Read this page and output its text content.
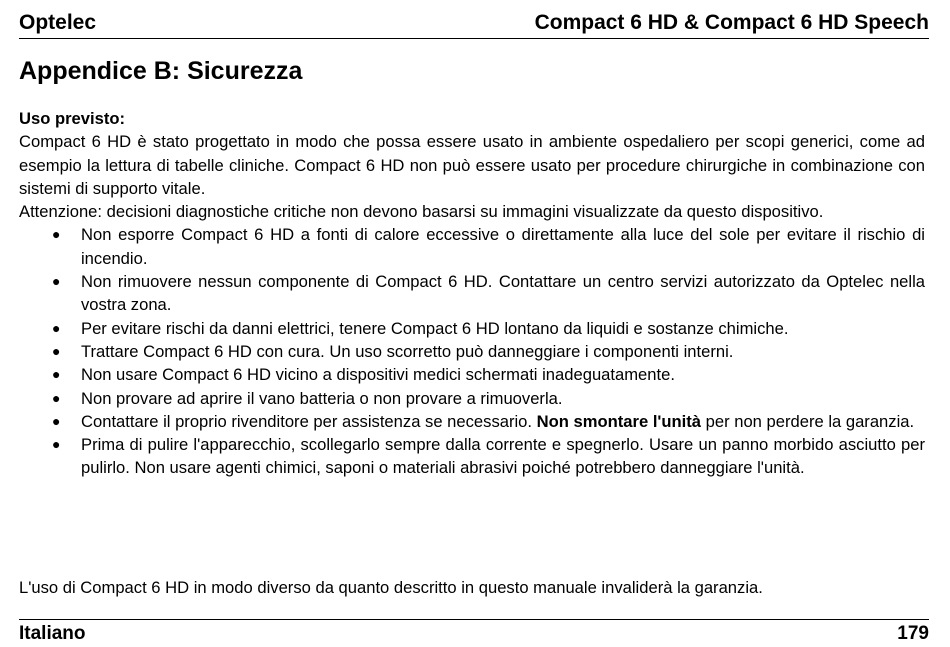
Optelec	Compact 6 HD & Compact 6 HD Speech
Appendice B: Sicurezza

Uso previsto:

Compact 6 HD è stato progettato in modo che possa essere usato in ambiente ospedaliero per scopi generici, come ad esempio la lettura di tabelle cliniche. Compact 6 HD non può essere usato per procedure chirurgiche in combinazione con sistemi di supporto vitale.

Attenzione: decisioni diagnostiche critiche non devono basarsi su immagini visualizzate da questo dispositivo.

● Non esporre Compact 6 HD a fonti di calore eccessive o direttamente alla luce del sole per evitare il rischio di incendio.
● Non rimuovere nessun componente di Compact 6 HD. Contattare un centro servizi autorizzato da Optelec nella vostra zona.
● Per evitare rischi da danni elettrici, tenere Compact 6 HD lontano da liquidi e sostanze chimiche.
● Trattare Compact 6 HD con cura. Un uso scorretto può danneggiare i componenti interni.
● Non usare Compact 6 HD vicino a dispositivi medici schermati inadeguatamente.
● Non provare ad aprire il vano batteria o non provare a rimuoverla.
● Contattare il proprio rivenditore per assistenza se necessario. Non smontare l'unità per non perdere la garanzia.
● Prima di pulire l'apparecchio, scollegarlo sempre dalla corrente e spegnerlo. Usare un panno morbido asciutto per pulirlo. Non usare agenti chimici, saponi o materiali abrasivi poiché potrebbero danneggiare l'unità.

L'uso di Compact 6 HD in modo diverso da quanto descritto in questo manuale invaliderà la garanzia.

Italiano	179
